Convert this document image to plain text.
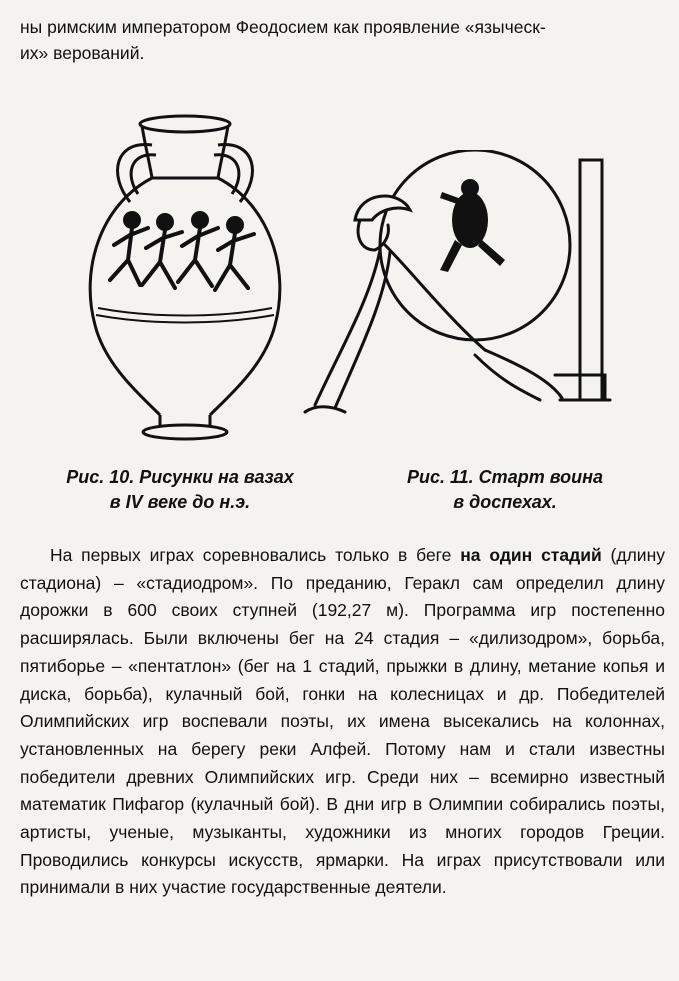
ны римским императором Феодосием как проявление «языческ-
их» верований.
Рис. 10. Рисунки на вазах
в IV веке до н.э.
Рис. 11. Старт воина
в доспехах.

На первых играх соревновались только в беге на один стадий (длину стадиона) – «стадиодром». По преданию, Геракл сам определил длину дорожки в 600 своих ступней (192,27 м). Программа игр постепенно расширялась. Были включены бег на 24 стадия – «дилизодром», борьба, пятиборье – «пентатлон» (бег на 1 стадий, прыжки в длину, метание копья и диска, борьба), кулачный бой, гонки на колесницах и др. Победителей Олимпийских игр воспевали поэты, их имена высекались на колоннах, установленных на берегу реки Алфей. Потому нам и стали известны победители древних Олимпийских игр. Среди них – всемирно известный математик Пифагор (кулачный бой). В дни игр в Олимпии собирались поэты, артисты, ученые, музыканты, художники из многих городов Греции. Проводились конкурсы искусств, ярмарки. На играх присутствовали или принимали в них участие государственные деятели.
